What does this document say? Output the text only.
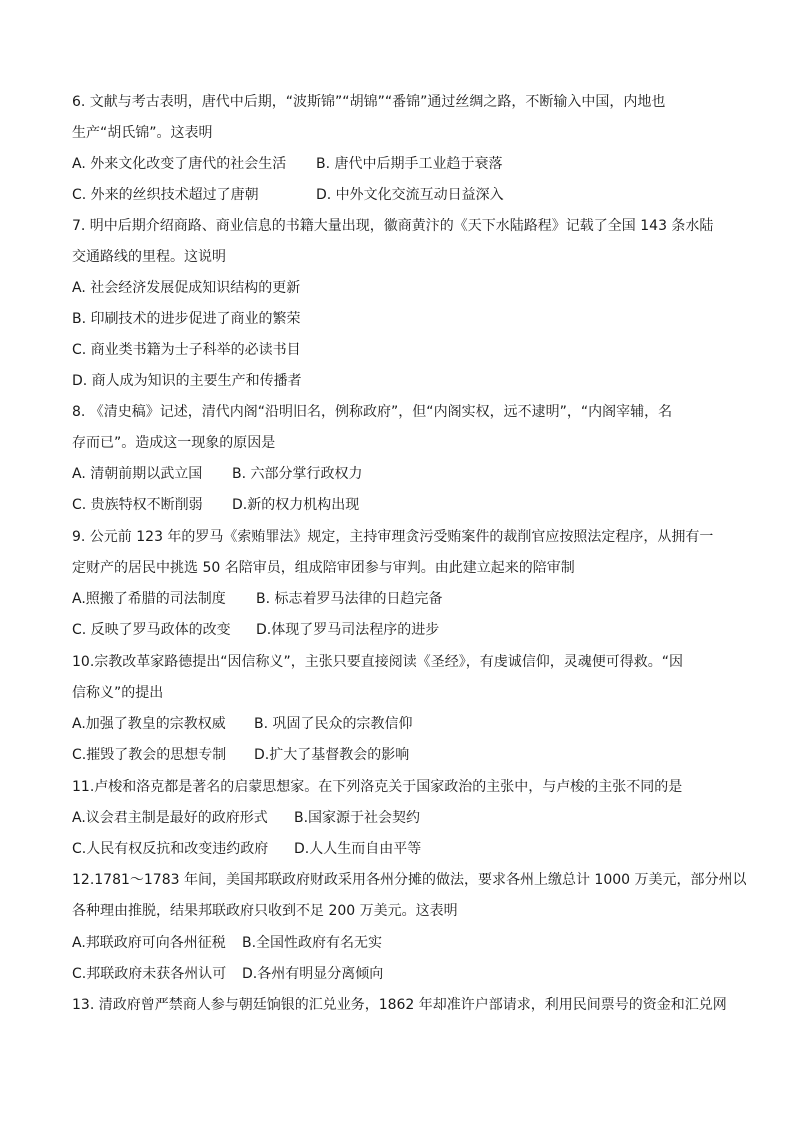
6. 文献与考古表明，唐代中后期，“波斯锦”“胡锦”“番锦”通过丝绸之路，不断输入中国，内地也
生产“胡氏锦”。这表明
A. 外来文化改变了唐代的社会生活 B. 唐代中后期手工业趋于衰落
C. 外来的丝织技术超过了唐朝	D. 中外文化交流互动日益深入
7. 明中后期介绍商路、商业信息的书籍大量出现，徽商黄汴的《天下水陆路程》记载了全国 143 条水陆
交通路线的里程。这说明
A. 社会经济发展促成知识结构的更新
B. 印刷技术的进步促进了商业的繁荣
C. 商业类书籍为士子科举的必读书目
D. 商人成为知识的主要生产和传播者
8. 《清史稿》记述，清代内阁“沿明旧名，例称政府”，但“内阁实权，远不逮明”，“内阁宰辅，名
存而已”。造成这一现象的原因是
A. 清朝前期以武立国 B. 六部分掌行政权力
C. 贵族特权不断削弱 D.新的权力机构出现
9. 公元前 123 年的罗马《索贿罪法》规定，主持审理贪污受贿案件的裁削官应按照法定程序，从拥有一
定财产的居民中挑选 50 名陪审员，组成陪审团参与审判。由此建立起来的陪审制
A.照搬了希腊的司法制度 B. 标志着罗马法律的日趋完备
C. 反映了罗马政体的改变 D.体现了罗马司法程序的进步
10.宗教改革家路德提出“因信称义”，主张只要直接阅读《圣经》，有虔诚信仰，灵魂便可得救。“因
信称义”的提出
A.加强了教皇的宗教权威 B. 巩固了民众的宗教信仰
C.摧毁了教会的思想专制 D.扩大了基督教会的影响
11.卢梭和洛克都是著名的启蒙思想家。在下列洛克关于国家政治的主张中，与卢梭的主张不同的是
A.议会君主制是最好的政府形式 B.国家源于社会契约
C.人民有权反抗和改变违约政府 D.人人生而自由平等
12.1781～1783 年间，美国邦联政府财政采用各州分摊的做法，要求各州上缴总计 1000 万美元，部分州以
各种理由推脱，结果邦联政府只收到不足 200 万美元。这表明
A.邦联政府可向各州征税 B.全国性政府有名无实
C.邦联政府未获各州认可 D.各州有明显分离倾向
13. 清政府曾严禁商人参与朝廷饷银的汇兑业务，1862 年却准许户部请求，利用民间票号的资金和汇兑网
